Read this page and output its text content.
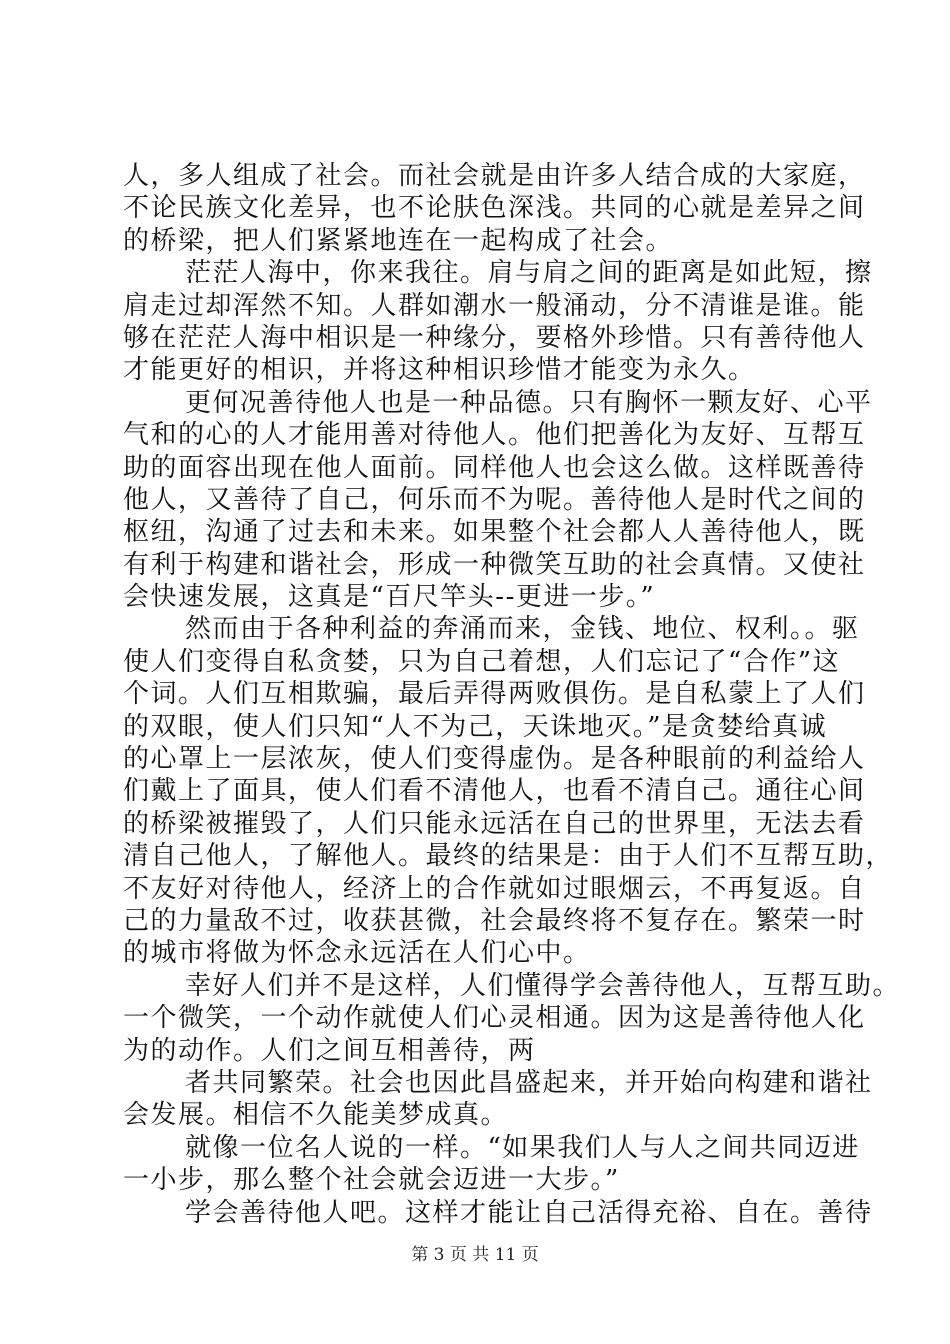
人，多人组成了社会。而社会就是由许多人结合成的大家庭，
不论民族文化差异，也不论肤色深浅。共同的心就是差异之间
的桥梁，把人们紧紧地连在一起构成了社会。
茫茫人海中，你来我往。肩与肩之间的距离是如此短，擦
肩走过却浑然不知。人群如潮水一般涌动，分不清谁是谁。能
够在茫茫人海中相识是一种缘分，要格外珍惜。只有善待他人
才能更好的相识，并将这种相识珍惜才能变为永久。
更何况善待他人也是一种品德。只有胸怀一颗友好、心平
气和的心的人才能用善对待他人。他们把善化为友好、互帮互
助的面容出现在他人面前。同样他人也会这么做。这样既善待
他人，又善待了自己，何乐而不为呢。善待他人是时代之间的
枢纽，沟通了过去和未来。如果整个社会都人人善待他人，既
有利于构建和谐社会，形成一种微笑互助的社会真情。又使社
会快速发展，这真是“百尺竿头--更进一步。”
然而由于各种利益的奔涌而来，金钱、地位、权利。。驱
使人们变得自私贪婪，只为自己着想，人们忘记了“合作”这
个词。人们互相欺骗，最后弄得两败俱伤。是自私蒙上了人们
的双眼，使人们只知“人不为己，天诛地灭。”是贪婪给真诚
的心罩上一层浓灰，使人们变得虚伪。是各种眼前的利益给人
们戴上了面具，使人们看不清他人，也看不清自己。通往心间
的桥梁被摧毁了，人们只能永远活在自己的世界里，无法去看
清自己他人，了解他人。最终的结果是：由于人们不互帮互助，
不友好对待他人，经济上的合作就如过眼烟云，不再复返。自
己的力量敌不过，收获甚微，社会最终将不复存在。繁荣一时
的城市将做为怀念永远活在人们心中。
幸好人们并不是这样，人们懂得学会善待他人，互帮互助。
一个微笑，一个动作就使人们心灵相通。因为这是善待他人化
为的动作。人们之间互相善待，两
者共同繁荣。社会也因此昌盛起来，并开始向构建和谐社
会发展。相信不久能美梦成真。
就像一位名人说的一样。“如果我们人与人之间共同迈进
一小步，那么整个社会就会迈进一大步。”
学会善待他人吧。这样才能让自己活得充裕、自在。善待
第 3 页 共 11 页
